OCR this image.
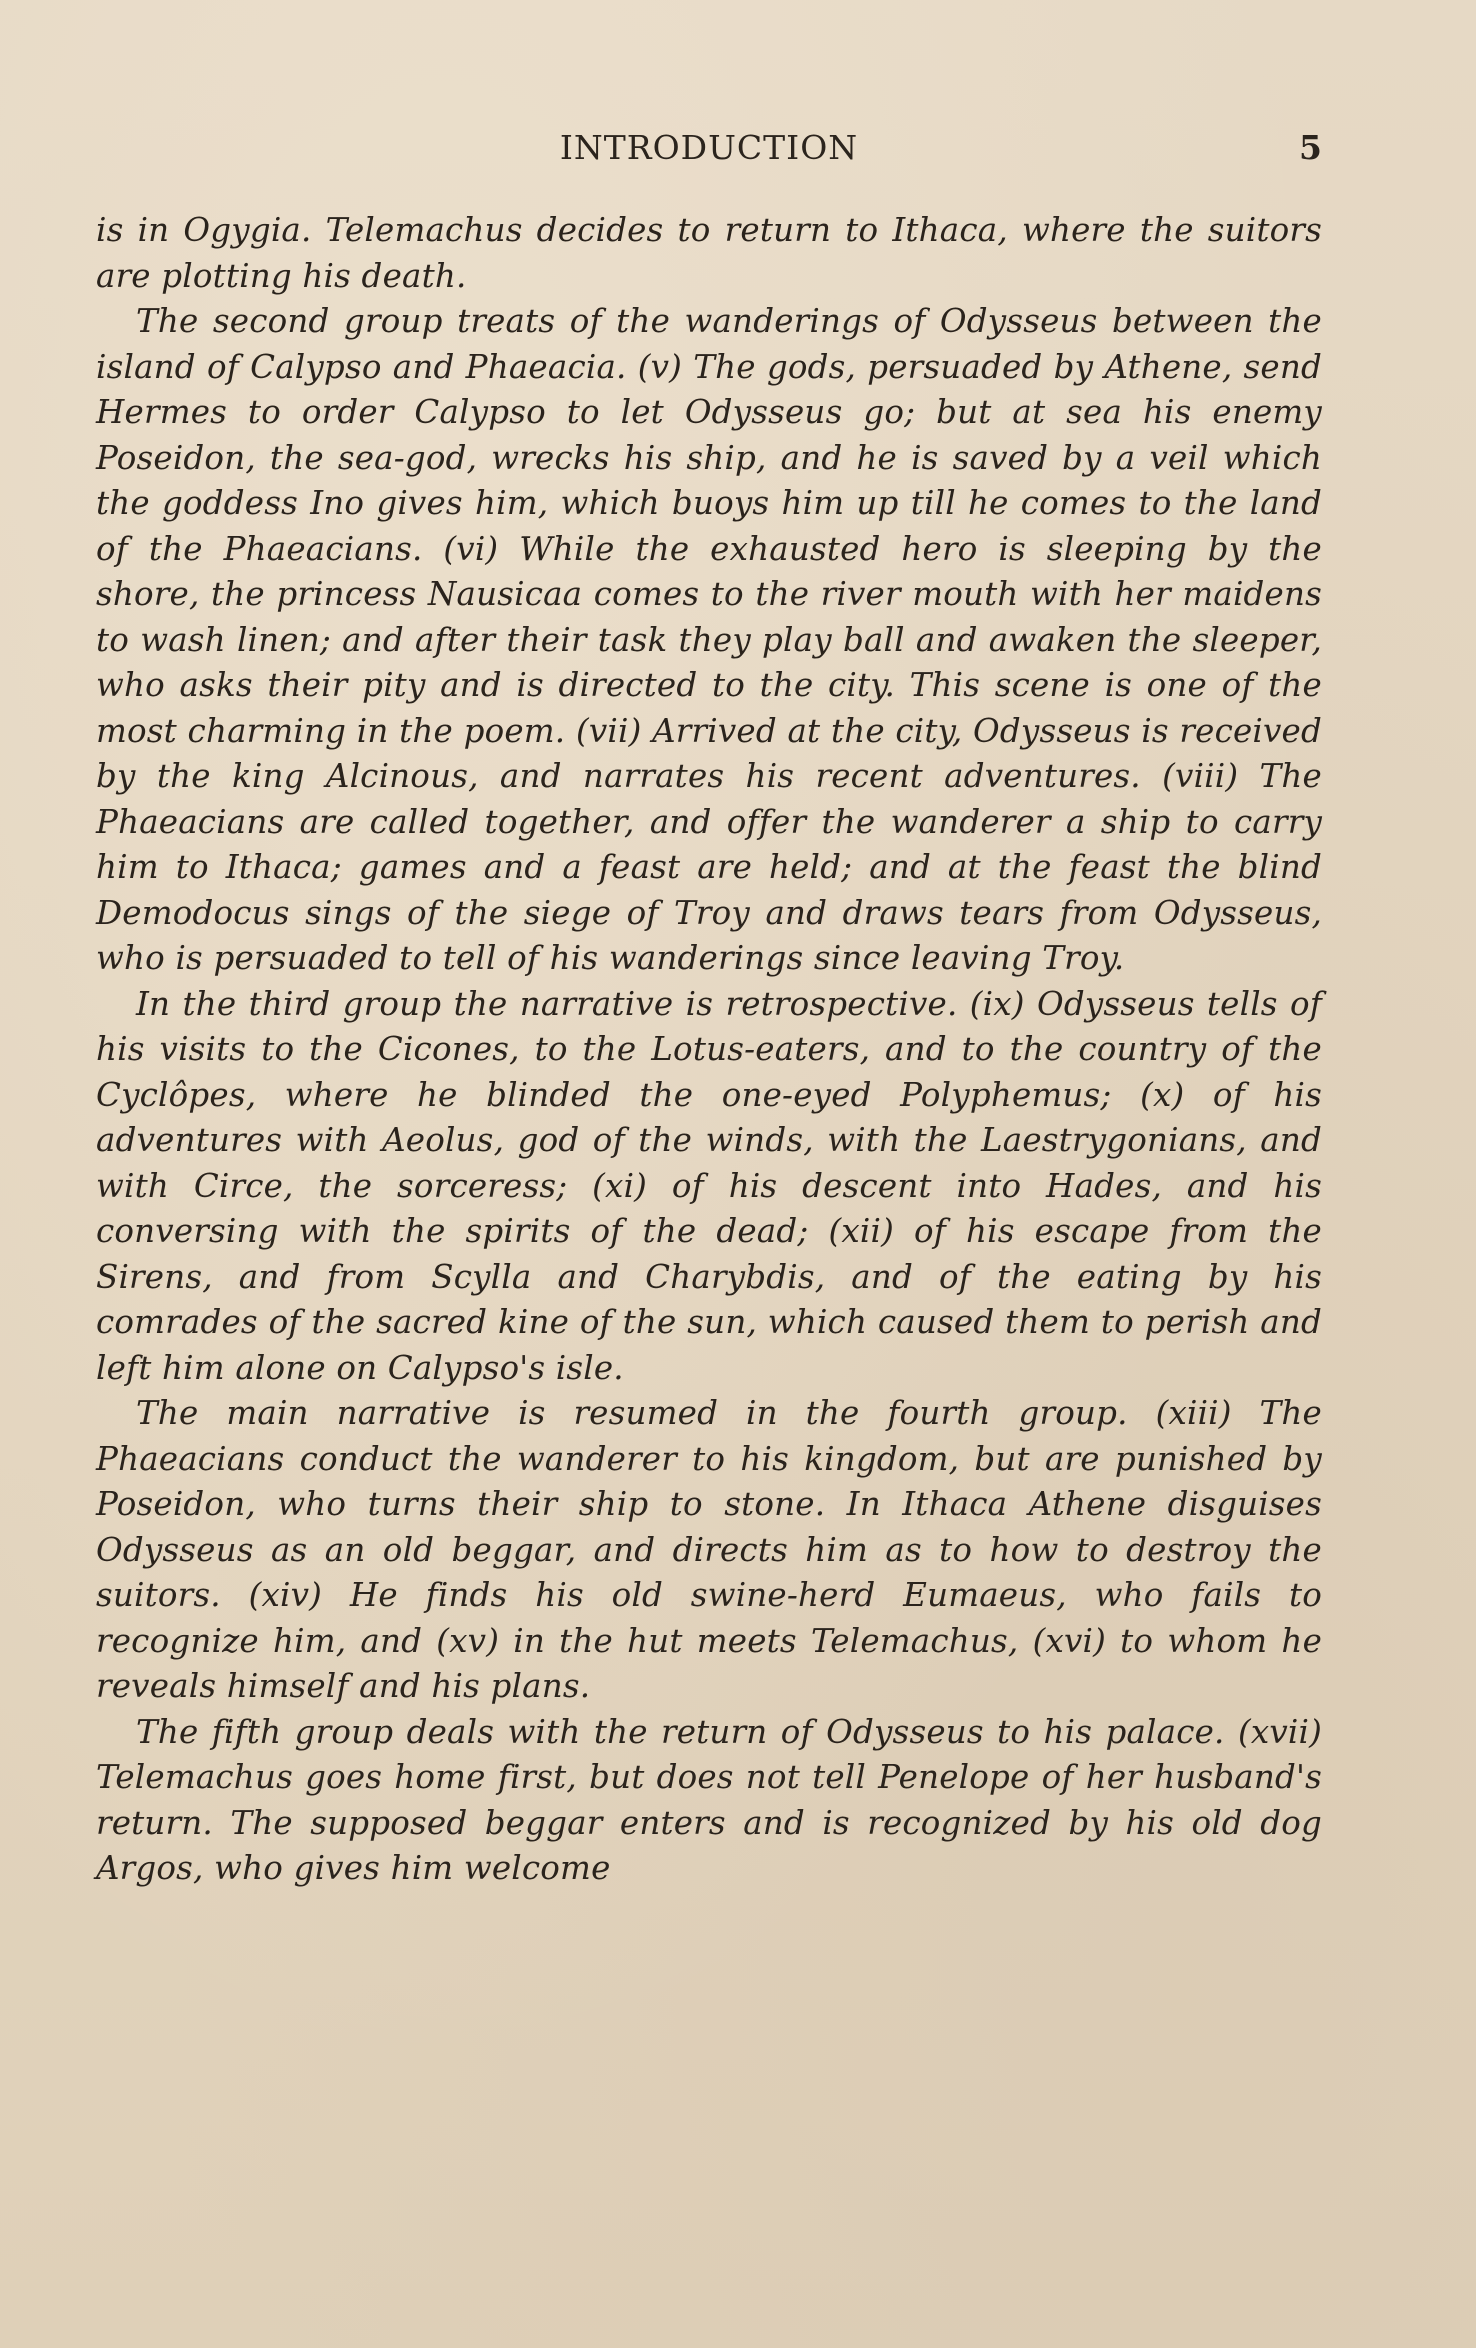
INTRODUCTION	5

is in Ogygia. Telemachus decides to return to Ithaca, where the suitors are plotting his death.

The second group treats of the wanderings of Odysseus between the island of Calypso and Phaeacia. (v) The gods, persuaded by Athene, send Hermes to order Calypso to let Odysseus go; but at sea his enemy Poseidon, the sea-god, wrecks his ship, and he is saved by a veil which the goddess Ino gives him, which buoys him up till he comes to the land of the Phaeacians. (vi) While the exhausted hero is sleeping by the shore, the princess Nausicaa comes to the river mouth with her maidens to wash linen; and after their task they play ball and awaken the sleeper, who asks their pity and is directed to the city. This scene is one of the most charming in the poem. (vii) Arrived at the city, Odysseus is received by the king Alcinous, and narrates his recent adventures. (viii) The Phaeacians are called together, and offer the wanderer a ship to carry him to Ithaca; games and a feast are held; and at the feast the blind Demodocus sings of the siege of Troy and draws tears from Odysseus, who is persuaded to tell of his wanderings since leaving Troy.

In the third group the narrative is retrospective. (ix) Odysseus tells of his visits to the Cicones, to the Lotus-eaters, and to the country of the Cyclôpes, where he blinded the one-eyed Polyphemus; (x) of his adventures with Aeolus, god of the winds, with the Laestrygonians, and with Circe, the sorceress; (xi) of his descent into Hades, and his conversing with the spirits of the dead; (xii) of his escape from the Sirens, and from Scylla and Charybdis, and of the eating by his comrades of the sacred kine of the sun, which caused them to perish and left him alone on Calypso's isle.

The main narrative is resumed in the fourth group. (xiii) The Phaeacians conduct the wanderer to his kingdom, but are punished by Poseidon, who turns their ship to stone. In Ithaca Athene disguises Odysseus as an old beggar, and directs him as to how to destroy the suitors. (xiv) He finds his old swine-herd Eumaeus, who fails to recognize him, and (xv) in the hut meets Telemachus, (xvi) to whom he reveals himself and his plans.

The fifth group deals with the return of Odysseus to his palace. (xvii) Telemachus goes home first, but does not tell Penelope of her husband's return. The supposed beggar enters and is recognized by his old dog Argos, who gives him welcome
